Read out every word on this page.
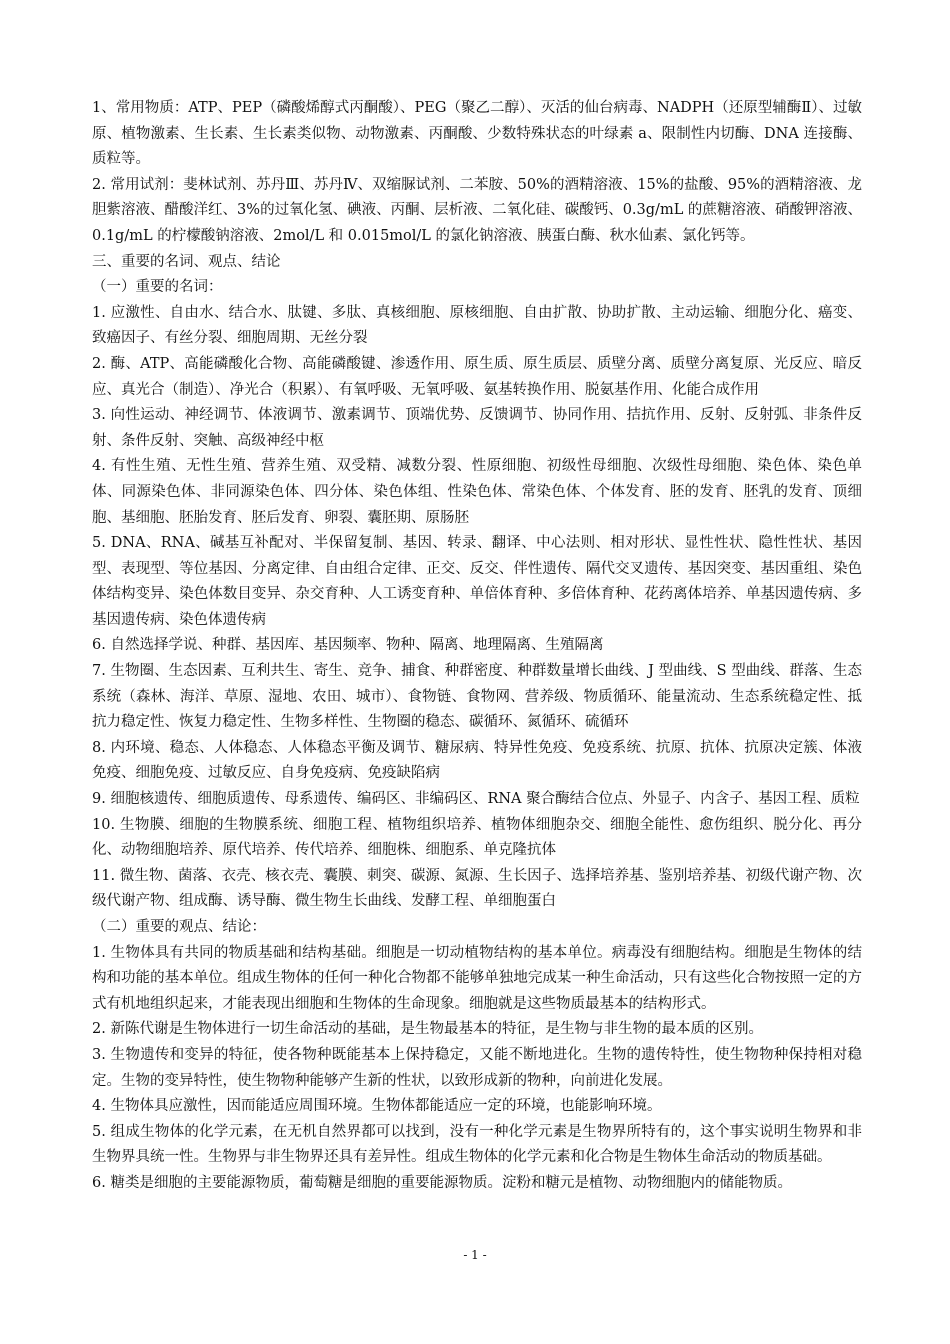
1、常用物质：ATP、PEP（磷酸烯醇式丙酮酸）、PEG（聚乙二醇）、灭活的仙台病毒、NADPH（还原型辅酶Ⅱ）、过敏原、植物激素、生长素、生长素类似物、动物激素、丙酮酸、少数特殊状态的叶绿素 a、限制性内切酶、DNA 连接酶、质粒等。

2. 常用试剂：斐林试剂、苏丹Ⅲ、苏丹Ⅳ、双缩脲试剂、二苯胺、50%的酒精溶液、15%的盐酸、95%的酒精溶液、龙胆紫溶液、醋酸洋红、3%的过氧化氢、碘液、丙酮、层析液、二氧化硅、碳酸钙、0.3g/mL 的蔗糖溶液、硝酸钾溶液、0.1g/mL 的柠檬酸钠溶液、2mol/L 和 0.015mol/L 的氯化钠溶液、胰蛋白酶、秋水仙素、氯化钙等。

三、重要的名词、观点、结论

（一）重要的名词：

1. 应激性、自由水、结合水、肽键、多肽、真核细胞、原核细胞、自由扩散、协助扩散、主动运输、细胞分化、癌变、致癌因子、有丝分裂、细胞周期、无丝分裂

2. 酶、ATP、高能磷酸化合物、高能磷酸键、渗透作用、原生质、原生质层、质壁分离、质壁分离复原、光反应、暗反应、真光合（制造）、净光合（积累）、有氧呼吸、无氧呼吸、氨基转换作用、脱氨基作用、化能合成作用

3. 向性运动、神经调节、体液调节、激素调节、顶端优势、反馈调节、协同作用、拮抗作用、反射、反射弧、非条件反射、条件反射、突触、高级神经中枢

4. 有性生殖、无性生殖、营养生殖、双受精、减数分裂、性原细胞、初级性母细胞、次级性母细胞、染色体、染色单体、同源染色体、非同源染色体、四分体、染色体组、性染色体、常染色体、个体发育、胚的发育、胚乳的发育、顶细胞、基细胞、胚胎发育、胚后发育、卵裂、囊胚期、原肠胚

5. DNA、RNA、碱基互补配对、半保留复制、基因、转录、翻译、中心法则、相对形状、显性性状、隐性性状、基因型、表现型、等位基因、分离定律、自由组合定律、正交、反交、伴性遗传、隔代交叉遗传、基因突变、基因重组、染色体结构变异、染色体数目变异、杂交育种、人工诱变育种、单倍体育种、多倍体育种、花药离体培养、单基因遗传病、多基因遗传病、染色体遗传病

6. 自然选择学说、种群、基因库、基因频率、物种、隔离、地理隔离、生殖隔离

7. 生物圈、生态因素、互利共生、寄生、竞争、捕食、种群密度、种群数量增长曲线、J 型曲线、S 型曲线、群落、生态系统（森林、海洋、草原、湿地、农田、城市）、食物链、食物网、营养级、物质循环、能量流动、生态系统稳定性、抵抗力稳定性、恢复力稳定性、生物多样性、生物圈的稳态、碳循环、氮循环、硫循环

8. 内环境、稳态、人体稳态、人体稳态平衡及调节、糖尿病、特异性免疫、免疫系统、抗原、抗体、抗原决定簇、体液免疫、细胞免疫、过敏反应、自身免疫病、免疫缺陷病

9. 细胞核遗传、细胞质遗传、母系遗传、编码区、非编码区、RNA 聚合酶结合位点、外显子、内含子、基因工程、质粒

10. 生物膜、细胞的生物膜系统、细胞工程、植物组织培养、植物体细胞杂交、细胞全能性、愈伤组织、脱分化、再分化、动物细胞培养、原代培养、传代培养、细胞株、细胞系、单克隆抗体

11. 微生物、菌落、衣壳、核衣壳、囊膜、刺突、碳源、氮源、生长因子、选择培养基、鉴别培养基、初级代谢产物、次级代谢产物、组成酶、诱导酶、微生物生长曲线、发酵工程、单细胞蛋白

（二）重要的观点、结论：

1. 生物体具有共同的物质基础和结构基础。细胞是一切动植物结构的基本单位。病毒没有细胞结构。细胞是生物体的结构和功能的基本单位。组成生物体的任何一种化合物都不能够单独地完成某一种生命活动，只有这些化合物按照一定的方式有机地组织起来，才能表现出细胞和生物体的生命现象。细胞就是这些物质最基本的结构形式。

2. 新陈代谢是生物体进行一切生命活动的基础，是生物最基本的特征，是生物与非生物的最本质的区别。

3. 生物遗传和变异的特征，使各物种既能基本上保持稳定，又能不断地进化。生物的遗传特性，使生物物种保持相对稳定。生物的变异特性，使生物物种能够产生新的性状，以致形成新的物种，向前进化发展。

4. 生物体具应激性，因而能适应周围环境。生物体都能适应一定的环境，也能影响环境。

5. 组成生物体的化学元素，在无机自然界都可以找到，没有一种化学元素是生物界所特有的，这个事实说明生物界和非生物界具统一性。生物界与非生物界还具有差异性。组成生物体的化学元素和化合物是生物体生命活动的物质基础。

6. 糖类是细胞的主要能源物质，葡萄糖是细胞的重要能源物质。淀粉和糖元是植物、动物细胞内的储能物质。

- 1 -
